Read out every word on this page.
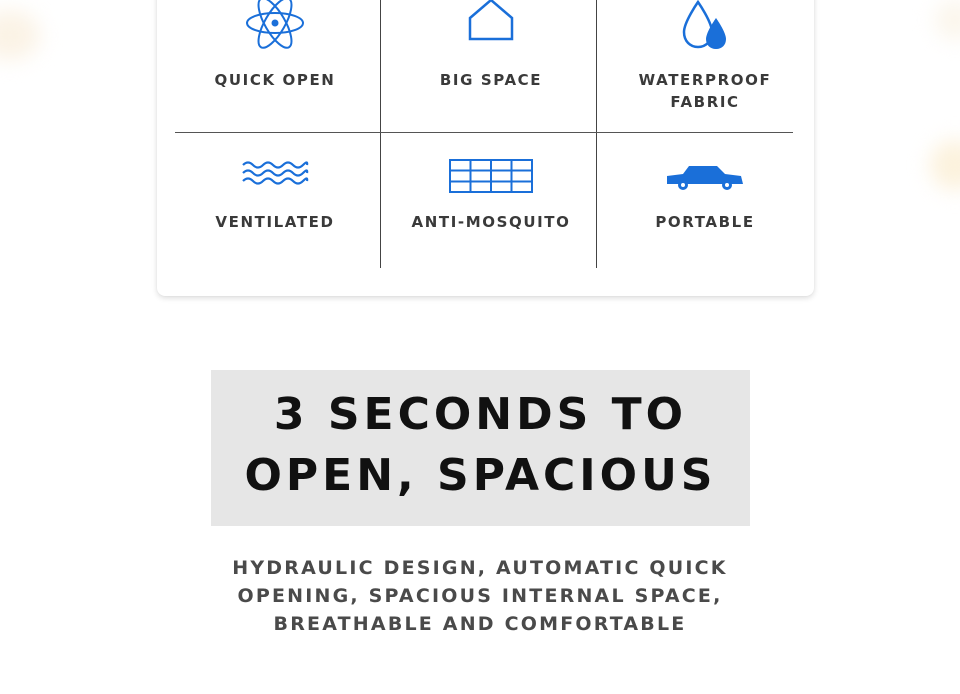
QUICK OPEN	BIG SPACE	WATERPROOF
FABRIC
VENTILATED	ANTI-MOSQUITO	PORTABLE
3 SECONDS TO
OPEN, SPACIOUS
HYDRAULIC DESIGN, AUTOMATIC QUICK
OPENING, SPACIOUS INTERNAL SPACE,
BREATHABLE AND COMFORTABLE
